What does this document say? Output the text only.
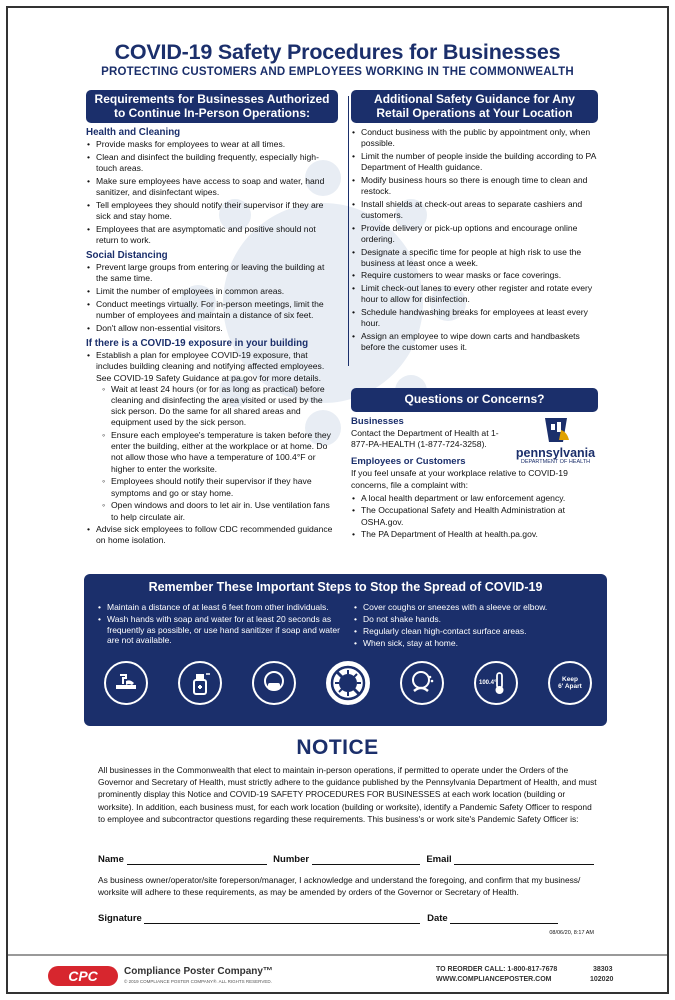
COVID-19 Safety Procedures for Businesses
PROTECTING CUSTOMERS AND EMPLOYEES WORKING IN THE COMMONWEALTH
Requirements for Businesses Authorized
to Continue In-Person Operations:
Health and Cleaning
• Provide masks for employees to wear at all times.
• Clean and disinfect the building frequently, especially high-touch areas.
• Make sure employees have access to soap and water, hand sanitizer, and disinfectant wipes.
• Tell employees they should notify their supervisor if they are sick and stay home.
• Employees that are asymptomatic and positive should not return to work.
Social Distancing
• Prevent large groups from entering or leaving the building at the same time.
• Limit the number of employees in common areas.
• Conduct meetings virtually. For in-person meetings, limit the number of employees and maintain a distance of six feet.
• Don't allow non-essential visitors.
If there is a COVID-19 exposure in your building
• Establish a plan for employee COVID-19 exposure, that includes building cleaning and notifying affected employees. See COVID-19 Safety Guidance at pa.gov for more details.
◦ Wait at least 24 hours (or for as long as practical) before cleaning and disinfecting the area visited or used by the sick person. Do the same for all shared areas and equipment used by the sick person.
◦ Ensure each employee's temperature is taken before they enter the building, either at the workplace or at home. Do not allow those who have a temperature of 100.4°F or higher to enter the worksite.
◦ Employees should notify their supervisor if they have symptoms and go or stay home.
◦ Open windows and doors to let air in. Use ventilation fans to help circulate air.
• Advise sick employees to follow CDC recommended guidance on home isolation.
Additional Safety Guidance for Any
Retail Operations at Your Location
• Conduct business with the public by appointment only, when possible.
• Limit the number of people inside the building according to PA Department of Health guidance.
• Modify business hours so there is enough time to clean and restock.
• Install shields at check-out areas to separate cashiers and customers.
• Provide delivery or pick-up options and encourage online ordering.
• Designate a specific time for people at high risk to use the business at least once a week.
• Require customers to wear masks or face coverings.
• Limit check-out lanes to every other register and rotate every hour to allow for disinfection.
• Schedule handwashing breaks for employees at least every hour.
• Assign an employee to wipe down carts and handbaskets before the customer uses it.
Questions or Concerns?
Businesses
Contact the Department of Health at 1-877-PA-HEALTH (1-877-724-3258).
pennsylvania
DEPARTMENT OF HEALTH
Employees or Customers
If you feel unsafe at your workplace relative to COVID-19 concerns, file a complaint with:
• A local health department or law enforcement agency.
• The Occupational Safety and Health Administration at OSHA.gov.
• The PA Department of Health at health.pa.gov.
Remember These Important Steps to Stop the Spread of COVID-19
• Maintain a distance of at least 6 feet from other individuals.
• Wash hands with soap and water for at least 20 seconds as frequently as possible, or use hand sanitizer if soap and water are not available.
• Cover coughs or sneezes with a sleeve or elbow.
• Do not shake hands.
• Regularly clean high-contact surface areas.
• When sick, stay at home.
100.4°	Keep
6' Apart
NOTICE
All businesses in the Commonwealth that elect to maintain in-person operations, if permitted to operate under the Orders of the Governor and Secretary of Health, must strictly adhere to the guidance published by the Pennsylvania Department of Health, and must prominently display this Notice and COVID-19 SAFETY PROCEDURES FOR BUSINESSES at each work location (building or worksite). In addition, each business must, for each work location (building or worksite), identify a Pandemic Safety Officer to respond to employee and subcontractor questions regarding these requirements. This business's or work site's Pandemic Safety Officer is:
Name	Number	Email
As business owner/operator/site foreperson/manager, I acknowledge and understand the foregoing, and confirm that my business/ worksite will adhere to these requirements, as may be amended by orders of the Governor or Secretary of Health.
Signature	Date
08/06/20, 8:17 AM
CPC	Compliance Poster Company™
© 2019 COMPLIANCE POSTER COMPANY®. ALL RIGHTS RESERVED.
TO REORDER CALL: 1-800-817-7678
WWW.COMPLIANCEPOSTER.COM
38303
102020
